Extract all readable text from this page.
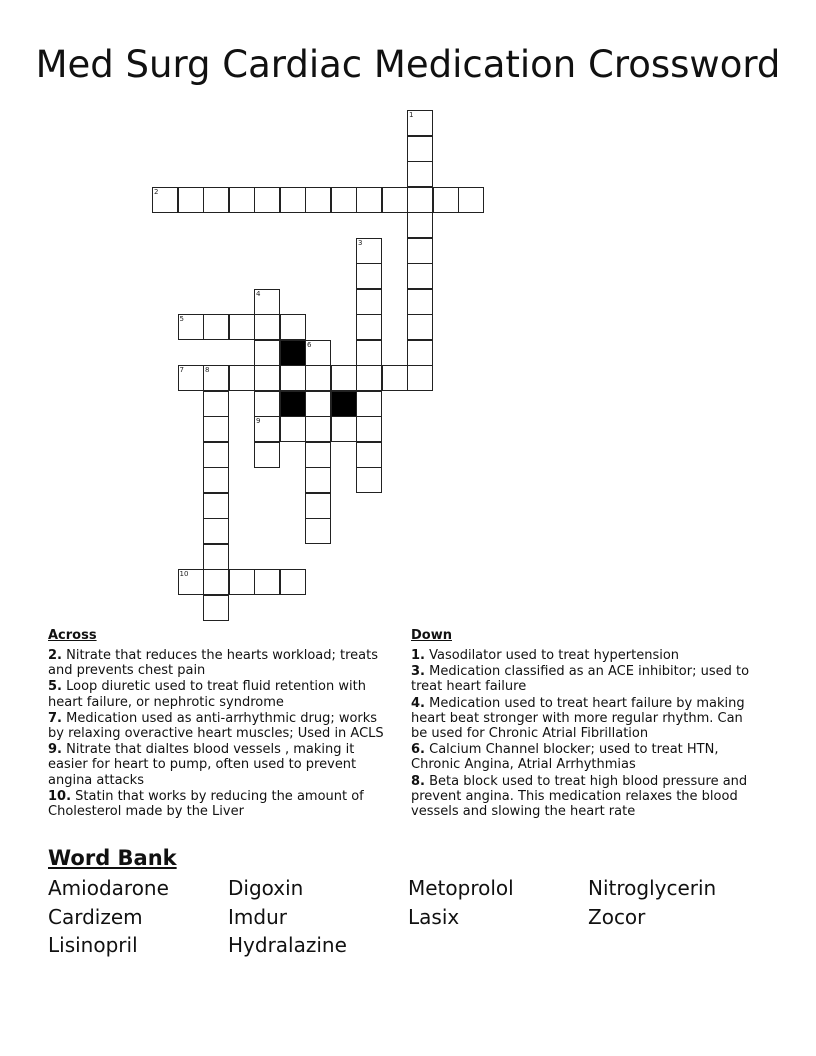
Med Surg Cardiac Medication Crossword
1
2
3
4
5
6
7	8
9
10
Across
2. Nitrate that reduces the hearts workload; treats and prevents chest pain
5. Loop diuretic used to treat fluid retention with heart failure, or nephrotic syndrome
7. Medication used as anti-arrhythmic drug; works by relaxing overactive heart muscles; Used in ACLS
9. Nitrate that dialtes blood vessels , making it easier for heart to pump, often used to prevent angina attacks
10. Statin that works by reducing the amount of Cholesterol made by the Liver
Down
1. Vasodilator used to treat hypertension
3. Medication classified as an ACE inhibitor; used to treat heart failure
4. Medication used to treat heart failure by making heart beat stronger with more regular rhythm. Can be used for Chronic Atrial Fibrillation
6. Calcium Channel blocker; used to treat HTN, Chronic Angina, Atrial Arrhythmias
8. Beta block used to treat high blood pressure and prevent angina. This medication relaxes the blood vessels and slowing the heart rate
Word Bank
Amiodarone	Digoxin	Metoprolol	Nitroglycerin
Cardizem	Imdur	Lasix	Zocor
Lisinopril	Hydralazine
